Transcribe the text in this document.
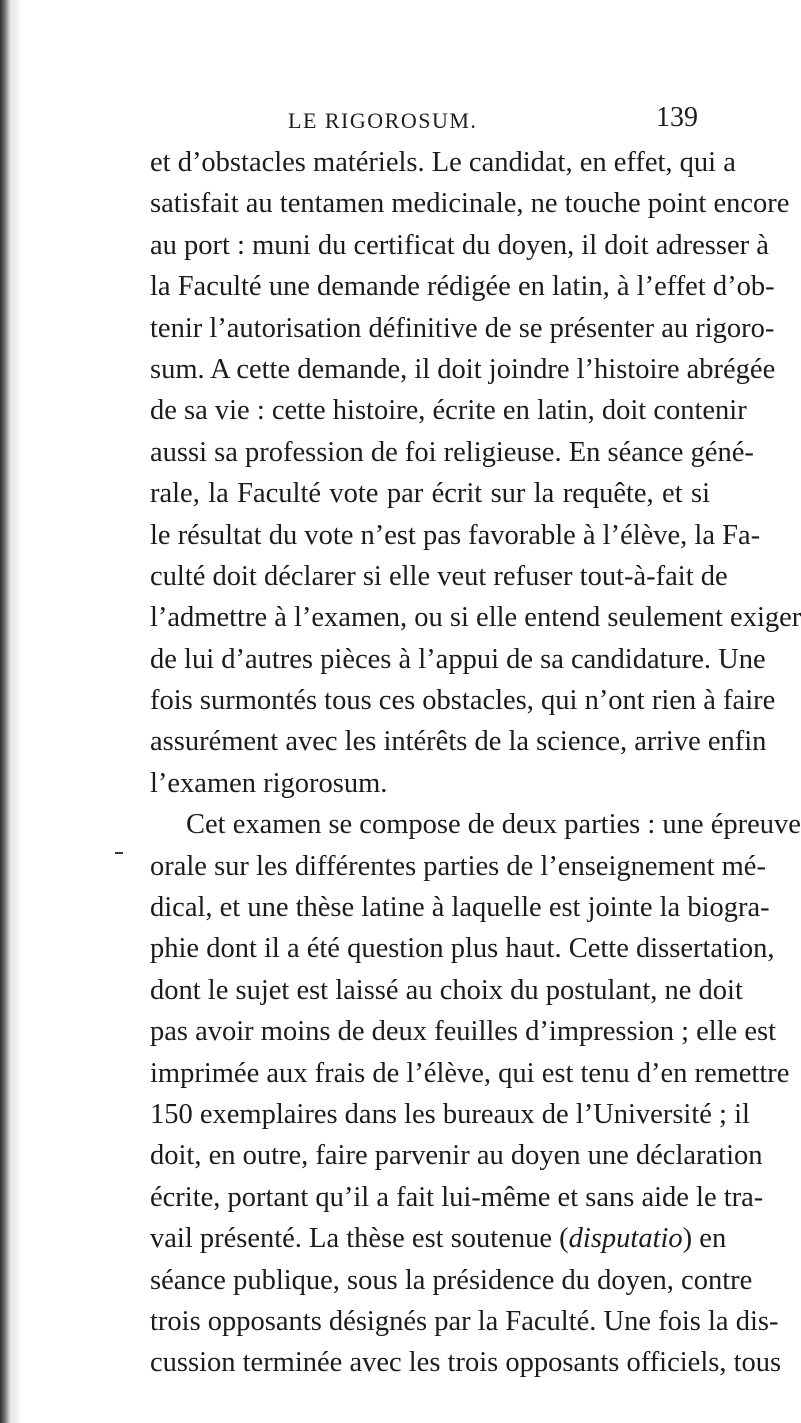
LE RIGOROSUM.	139
et d’obstacles matériels. Le candidat, en effet, qui a
satisfait au tentamen medicinale, ne touche point encore
au port : muni du certificat du doyen, il doit adresser à
la Faculté une demande rédigée en latin, à l’effet d’ob-
tenir l’autorisation définitive de se présenter au rigoro-
sum. A cette demande, il doit joindre l’histoire abrégée
de sa vie : cette histoire, écrite en latin, doit contenir
aussi sa profession de foi religieuse. En séance géné-
rale, la Faculté vote par écrit sur la requête, et si
le résultat du vote n’est pas favorable à l’élève, la Fa-
culté doit déclarer si elle veut refuser tout-à-fait de
l’admettre à l’examen, ou si elle entend seulement exiger
de lui d’autres pièces à l’appui de sa candidature. Une
fois surmontés tous ces obstacles, qui n’ont rien à faire
assurément avec les intérêts de la science, arrive enfin
l’examen rigorosum.
Cet examen se compose de deux parties : une épreuve
orale sur les différentes parties de l’enseignement mé-
dical, et une thèse latine à laquelle est jointe la biogra-
phie dont il a été question plus haut. Cette dissertation,
dont le sujet est laissé au choix du postulant, ne doit
pas avoir moins de deux feuilles d’impression ; elle est
imprimée aux frais de l’élève, qui est tenu d’en remettre
150 exemplaires dans les bureaux de l’Université ; il
doit, en outre, faire parvenir au doyen une déclaration
écrite, portant qu’il a fait lui-même et sans aide le tra-
vail présenté. La thèse est soutenue (disputatio) en
séance publique, sous la présidence du doyen, contre
trois opposants désignés par la Faculté. Une fois la dis-
cussion terminée avec les trois opposants officiels, tous
